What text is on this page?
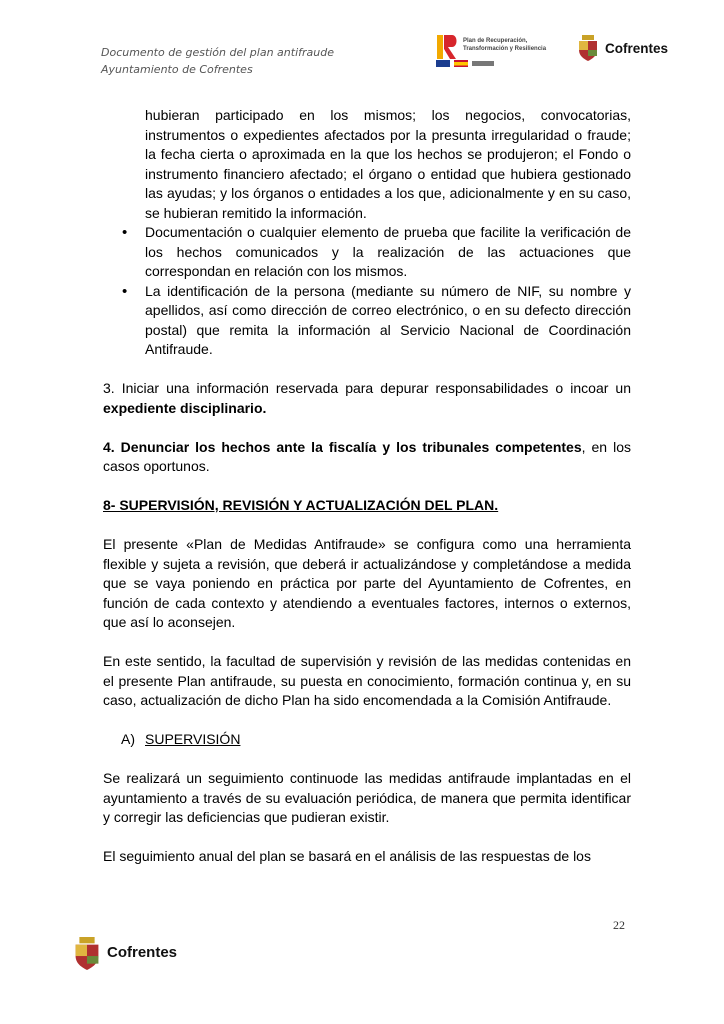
Documento de gestión del plan antifraude
Ayuntamiento de Cofrentes
Plan de Recuperación,
Transformación y Resiliencia	Cofrentes

hubieran participado en los mismos; los negocios, convocatorias, instrumentos o expedientes afectados por la presunta irregularidad o fraude; la fecha cierta o aproximada en la que los hechos se produjeron; el Fondo o instrumento financiero afectado; el órgano o entidad que hubiera gestionado las ayudas; y los órganos o entidades a los que, adicionalmente y en su caso, se hubieran remitido la información.

• Documentación o cualquier elemento de prueba que facilite la verificación de los hechos comunicados y la realización de las actuaciones que correspondan en relación con los mismos.
• La identificación de la persona (mediante su número de NIF, su nombre y apellidos, así como dirección de correo electrónico, o en su defecto dirección postal) que remita la información al Servicio Nacional de Coordinación Antifraude.

3. Iniciar una información reservada para depurar responsabilidades o incoar un expediente disciplinario.

4. Denunciar los hechos ante la fiscalía y los tribunales competentes, en los casos oportunos.

8- SUPERVISIÓN, REVISIÓN Y ACTUALIZACIÓN DEL PLAN.

El presente «Plan de Medidas Antifraude» se configura como una herramienta flexible y sujeta a revisión, que deberá ir actualizándose y completándose a medida que se vaya poniendo en práctica por parte del Ayuntamiento de Cofrentes, en función de cada contexto y atendiendo a eventuales factores, internos o externos, que así lo aconsejen.

En este sentido, la facultad de supervisión y revisión de las medidas contenidas en el presente Plan antifraude, su puesta en conocimiento, formación continua y, en su caso, actualización de dicho Plan ha sido encomendada a la Comisión Antifraude.

A) SUPERVISIÓN

Se realizará un seguimiento continuode las medidas antifraude implantadas en el ayuntamiento a través de su evaluación periódica, de manera que permita identificar y corregir las deficiencias que pudieran existir.

El seguimiento anual del plan se basará en el análisis de las respuestas de los

22
Cofrentes
